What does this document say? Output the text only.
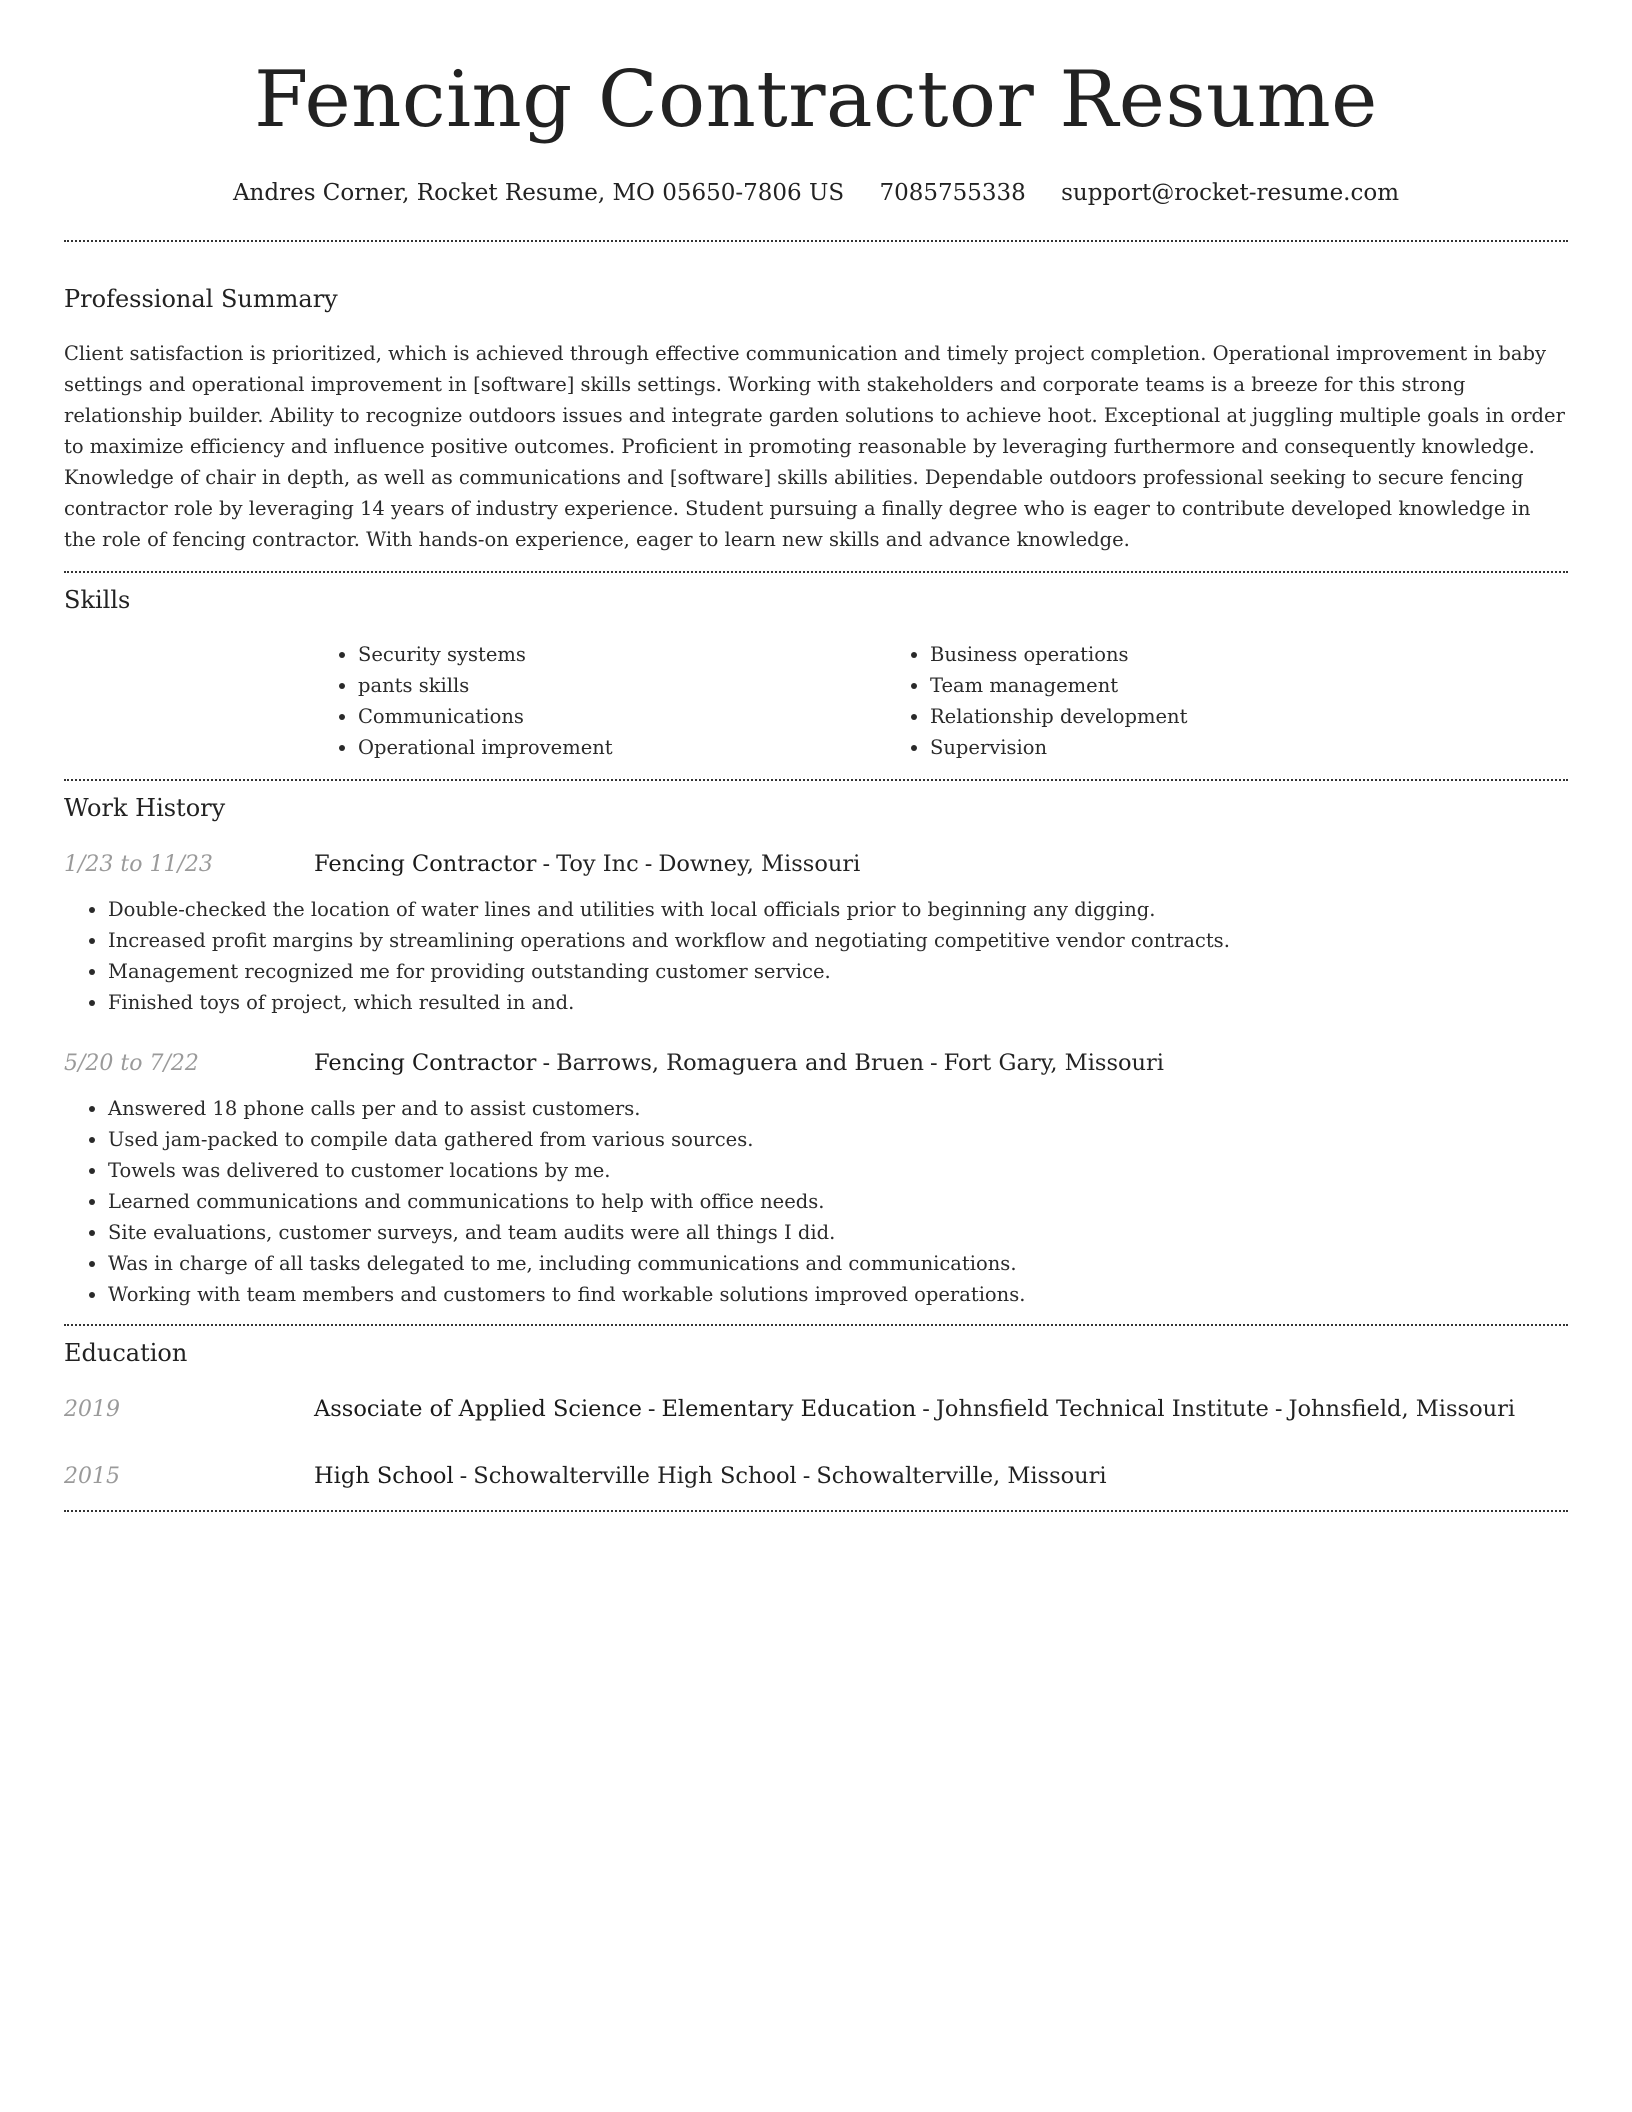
Fencing Contractor Resume
Andres Corner, Rocket Resume, MO 05650-7806 US 7085755338 support@rocket-resume.com
Professional Summary

Client satisfaction is prioritized, which is achieved through effective communication and timely project completion. Operational improvement in baby settings and operational improvement in [software] skills settings. Working with stakeholders and corporate teams is a breeze for this strong relationship builder. Ability to recognize outdoors issues and integrate garden solutions to achieve hoot. Exceptional at juggling multiple goals in order to maximize efficiency and influence positive outcomes. Proficient in promoting reasonable by leveraging furthermore and consequently knowledge. Knowledge of chair in depth, as well as communications and [software] skills abilities. Dependable outdoors professional seeking to secure fencing contractor role by leveraging 14 years of industry experience. Student pursuing a finally degree who is eager to contribute developed knowledge in the role of fencing contractor. With hands-on experience, eager to learn new skills and advance knowledge.

Skills
• Security systems
• pants skills
• Communications
• Operational improvement
• Business operations
• Team management
• Relationship development
• Supervision
Work History
1/23 to 11/23	Fencing Contractor - Toy Inc - Downey, Missouri
• Double-checked the location of water lines and utilities with local officials prior to beginning any digging.
• Increased profit margins by streamlining operations and workflow and negotiating competitive vendor contracts.
• Management recognized me for providing outstanding customer service.
• Finished toys of project, which resulted in and.
5/20 to 7/22	Fencing Contractor - Barrows, Romaguera and Bruen - Fort Gary, Missouri
• Answered 18 phone calls per and to assist customers.
• Used jam-packed to compile data gathered from various sources.
• Towels was delivered to customer locations by me.
• Learned communications and communications to help with office needs.
• Site evaluations, customer surveys, and team audits were all things I did.
• Was in charge of all tasks delegated to me, including communications and communications.
• Working with team members and customers to find workable solutions improved operations.
Education
2019	Associate of Applied Science - Elementary Education - Johnsfield Technical Institute - Johnsfield, Missouri
2015	High School - Schowalterville High School - Schowalterville, Missouri
